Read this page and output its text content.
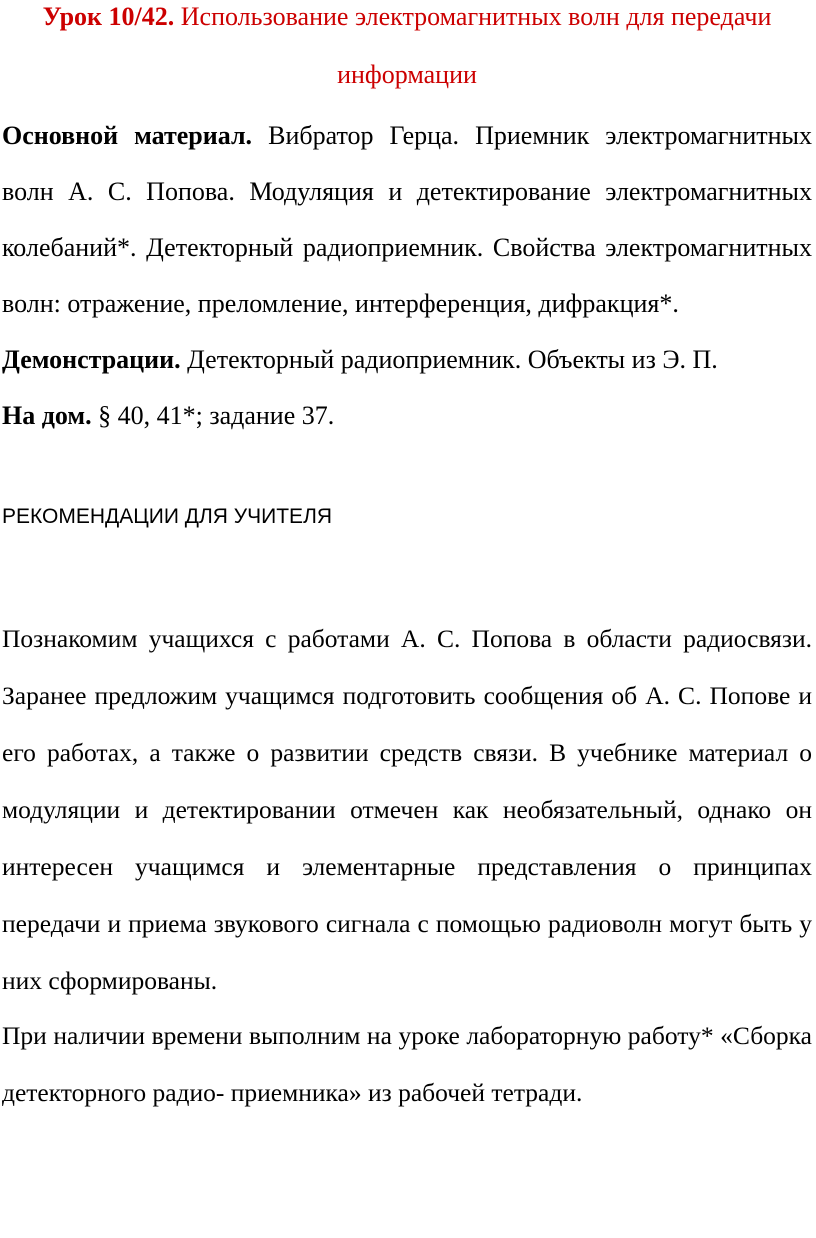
Урок 10/42. Использование электромагнитных волн для передачи информации

Основной материал. Вибратор Герца. Приемник электромагнитных волн А. С. Попова. Модуляция и детектирование электромагнитных колебаний*. Детекторный радиоприемник. Свойства электромагнитных волн: отражение, преломление, интерференция, дифракция*.

Демонстрации. Детекторный радиоприемник. Объекты из Э. П.

На дом. § 40, 41*; задание 37.

РЕКОМЕНДАЦИИ ДЛЯ УЧИТЕЛЯ

Познакомим учащихся с работами А. С. Попова в области радиосвязи. Заранее предложим учащимся подготовить сообщения об А. С. Попове и его работах, а также о развитии средств связи. В учебнике материал о модуляции и детектировании отмечен как необязательный, однако он интересен учащимся и элементарные представления о принципах передачи и приема звукового сигнала с помощью радиоволн могут быть у них сформированы.

При наличии времени выполним на уроке лабораторную работу* «Сборка детекторного радио- приемника» из рабочей тетради.
